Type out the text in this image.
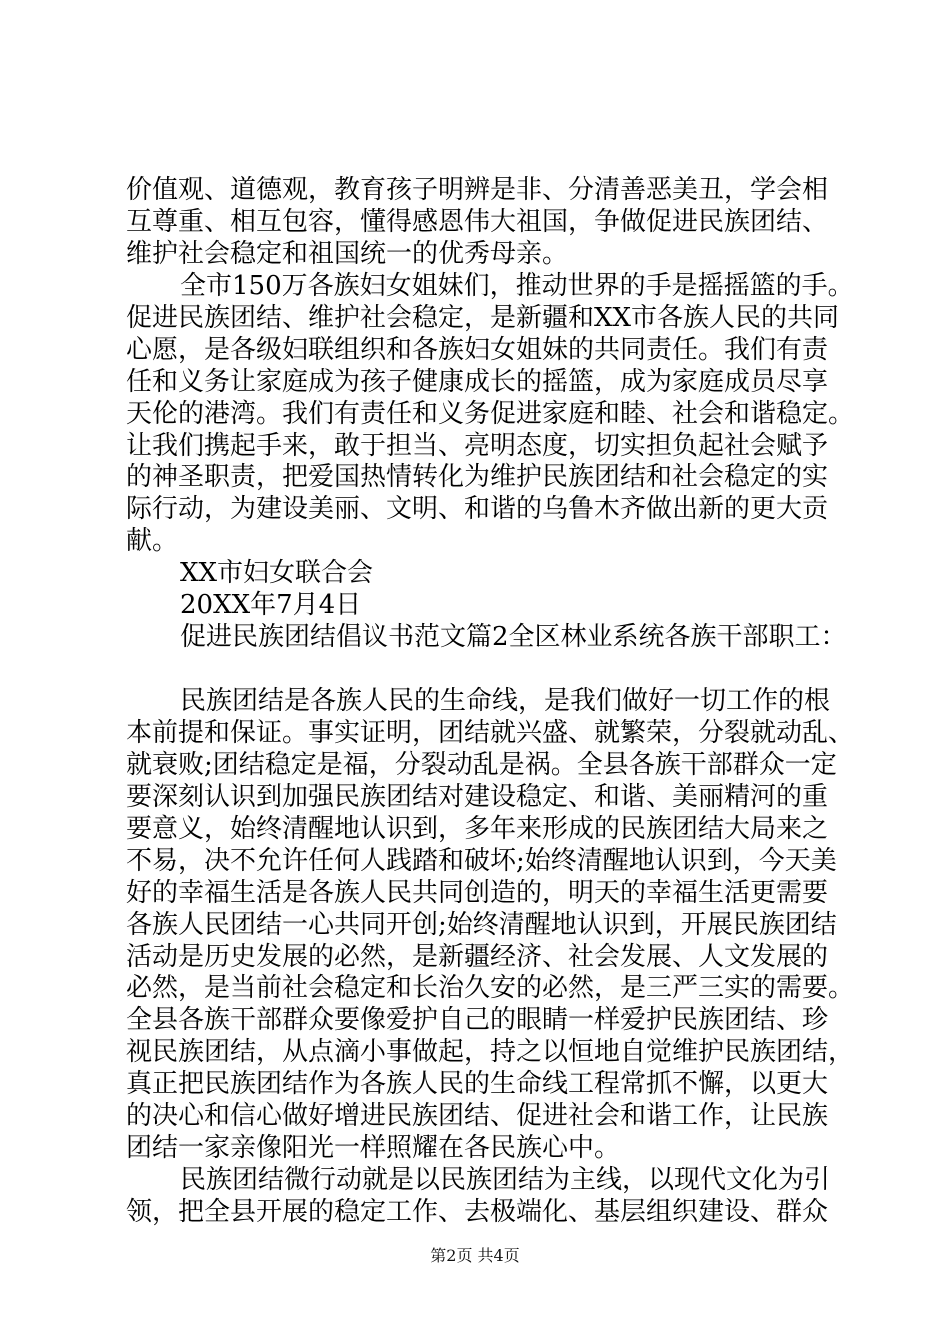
价值观、道德观，教育孩子明辨是非、分清善恶美丑，学会相
互尊重、相互包容，懂得感恩伟大祖国，争做促进民族团结、
维护社会稳定和祖国统一的优秀母亲。
全市150万各族妇女姐妹们，推动世界的手是摇摇篮的手。
促进民族团结、维护社会稳定，是新疆和XX市各族人民的共同
心愿，是各级妇联组织和各族妇女姐妹的共同责任。我们有责
任和义务让家庭成为孩子健康成长的摇篮，成为家庭成员尽享
天伦的港湾。我们有责任和义务促进家庭和睦、社会和谐稳定。
让我们携起手来，敢于担当、亮明态度，切实担负起社会赋予
的神圣职责，把爱国热情转化为维护民族团结和社会稳定的实
际行动，为建设美丽、文明、和谐的乌鲁木齐做出新的更大贡
献。
XX市妇女联合会
20XX年7月4日
促进民族团结倡议书范文篇2全区林业系统各族干部职工：
民族团结是各族人民的生命线，是我们做好一切工作的根
本前提和保证。事实证明，团结就兴盛、就繁荣，分裂就动乱、
就衰败;团结稳定是福，分裂动乱是祸。全县各族干部群众一定
要深刻认识到加强民族团结对建设稳定、和谐、美丽精河的重
要意义，始终清醒地认识到，多年来形成的民族团结大局来之
不易，决不允许任何人践踏和破坏;始终清醒地认识到，今天美
好的幸福生活是各族人民共同创造的，明天的幸福生活更需要
各族人民团结一心共同开创;始终清醒地认识到，开展民族团结
活动是历史发展的必然，是新疆经济、社会发展、人文发展的
必然，是当前社会稳定和长治久安的必然，是三严三实的需要。
全县各族干部群众要像爱护自己的眼睛一样爱护民族团结、珍
视民族团结，从点滴小事做起，持之以恒地自觉维护民族团结，
真正把民族团结作为各族人民的生命线工程常抓不懈，以更大
的决心和信心做好增进民族团结、促进社会和谐工作，让民族
团结一家亲像阳光一样照耀在各民族心中。
民族团结微行动就是以民族团结为主线，以现代文化为引
领，把全县开展的稳定工作、去极端化、基层组织建设、群众
第2页 共4页
